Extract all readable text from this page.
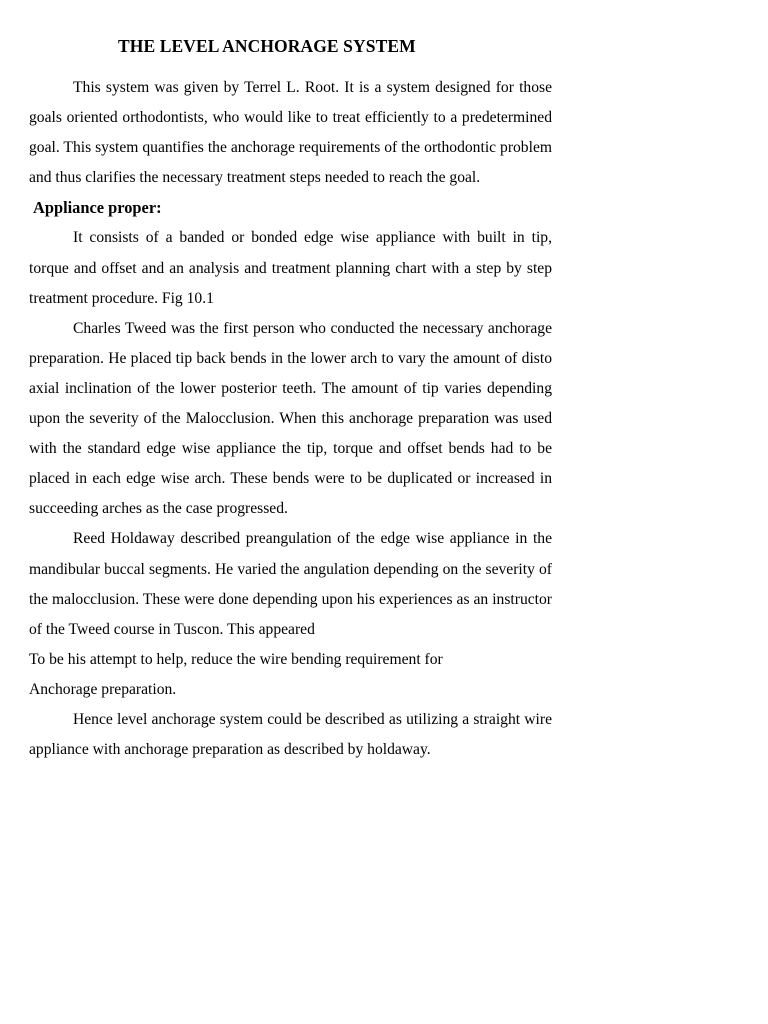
THE LEVEL ANCHORAGE SYSTEM

This system was given by Terrel L. Root. It is a system designed for those goals oriented orthodontists, who would like to treat efficiently to a predetermined goal. This system quantifies the anchorage requirements of the orthodontic problem and thus clarifies the necessary treatment steps needed to reach the goal.

Appliance proper:

It consists of a banded or bonded edge wise appliance with built in tip, torque and offset and an analysis and treatment planning chart with a step by step treatment procedure. Fig 10.1

Charles Tweed was the first person who conducted the necessary anchorage preparation. He placed tip back bends in the lower arch to vary the amount of disto axial inclination of the lower posterior teeth. The amount of tip varies depending upon the severity of the Malocclusion. When this anchorage preparation was used with the standard edge wise appliance the tip, torque and offset bends had to be placed in each edge wise arch. These bends were to be duplicated or increased in succeeding arches as the case progressed.

Reed Holdaway described preangulation of the edge wise appliance in the mandibular buccal segments. He varied the angulation depending on the severity of the malocclusion. These were done depending upon his experiences as an instructor of the Tweed course in Tuscon. This appeared

To be his attempt to help, reduce the wire bending requirement for

Anchorage preparation.

Hence level anchorage system could be described as utilizing a straight wire appliance with anchorage preparation as described by holdaway.
